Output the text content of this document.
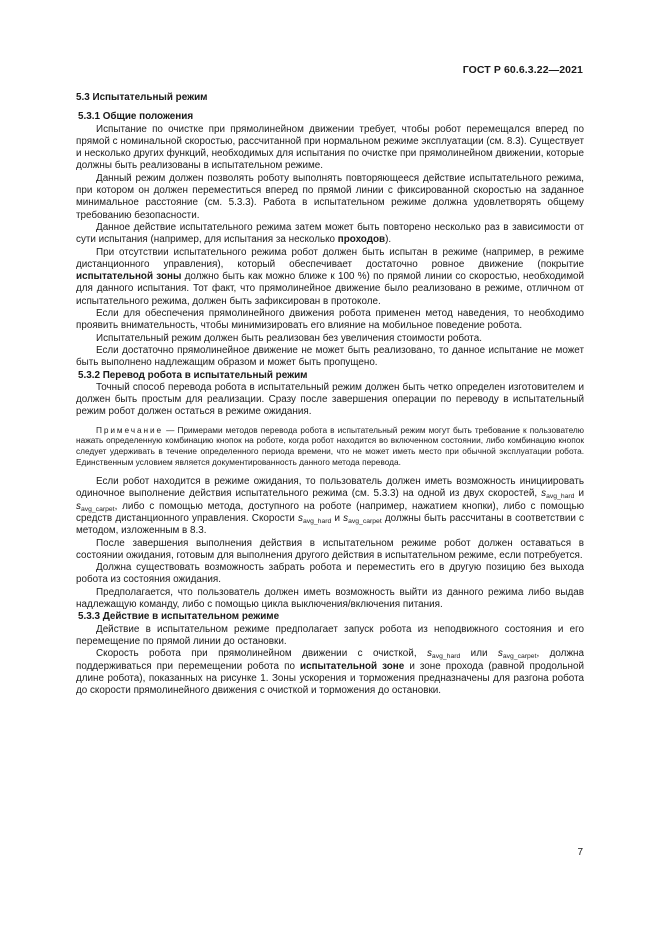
ГОСТ Р 60.6.3.22—2021
5.3 Испытательный режим
5.3.1 Общие положения

Испытание по очистке при прямолинейном движении требует, чтобы робот перемещался вперед по прямой с номинальной скоростью, рассчитанной при нормальном режиме эксплуатации (см. 8.3). Существует и несколько других функций, необходимых для испытания по очистке при прямолинейном движении, которые должны быть реализованы в испытательном режиме.

Данный режим должен позволять роботу выполнять повторяющееся действие испытательного режима, при котором он должен переместиться вперед по прямой линии с фиксированной скоростью на заданное минимальное расстояние (см. 5.3.3). Работа в испытательном режиме должна удовлетворять общему требованию безопасности.

Данное действие испытательного режима затем может быть повторено несколько раз в зависимости от сути испытания (например, для испытания за несколько проходов).

При отсутствии испытательного режима робот должен быть испытан в режиме (например, в режиме дистанционного управления), который обеспечивает достаточно ровное движение (покрытие испытательной зоны должно быть как можно ближе к 100 %) по прямой линии со скоростью, необходимой для данного испытания. Тот факт, что прямолинейное движение было реализовано в режиме, отличном от испытательного режима, должен быть зафиксирован в протоколе.

Если для обеспечения прямолинейного движения робота применен метод наведения, то необходимо проявить внимательность, чтобы минимизировать его влияние на мобильное поведение робота.

Испытательный режим должен быть реализован без увеличения стоимости робота.

Если достаточно прямолинейное движение не может быть реализовано, то данное испытание не может быть выполнено надлежащим образом и может быть пропущено.

5.3.2 Перевод робота в испытательный режим

Точный способ перевода робота в испытательный режим должен быть четко определен изготовителем и должен быть простым для реализации. Сразу после завершения операции по переводу в испытательный режим робот должен остаться в режиме ожидания.

Примечание — Примерами методов перевода робота в испытательный режим могут быть требование к пользователю нажать определенную комбинацию кнопок на роботе, когда робот находится во включенном состоянии, либо комбинацию кнопок следует удерживать в течение определенного периода времени, что не может иметь место при обычной эксплуатации робота. Единственным условием является документированность данного метода перевода.

Если робот находится в режиме ожидания, то пользователь должен иметь возможность инициировать одиночное выполнение действия испытательного режима (см. 5.3.3) на одной из двух скоростей, $s_{avg\_hard}$ и $s_{avg\_carpet}$, либо с помощью метода, доступного на роботе (например, нажатием кнопки), либо с помощью средств дистанционного управления. Скорости $s_{avg\_hard}$ и $s_{avg\_carpet}$ должны быть рассчитаны в соответствии с методом, изложенным в 8.3.

После завершения выполнения действия в испытательном режиме робот должен оставаться в состоянии ожидания, готовым для выполнения другого действия в испытательном режиме, если потребуется.

Должна существовать возможность забрать робота и переместить его в другую позицию без выхода робота из состояния ожидания.

Предполагается, что пользователь должен иметь возможность выйти из данного режима либо выдав надлежащую команду, либо с помощью цикла выключения/включения питания.

5.3.3 Действие в испытательном режиме

Действие в испытательном режиме предполагает запуск робота из неподвижного состояния и его перемещение по прямой линии до остановки.

Скорость робота при прямолинейном движении с очисткой, $s_{avg\_hard}$ или $s_{avg\_carpet}$, должна поддерживаться при перемещении робота по испытательной зоне и зоне прохода (равной продольной длине робота), показанных на рисунке 1. Зоны ускорения и торможения предназначены для разгона робота до скорости прямолинейного движения с очисткой и торможения до остановки.

7
